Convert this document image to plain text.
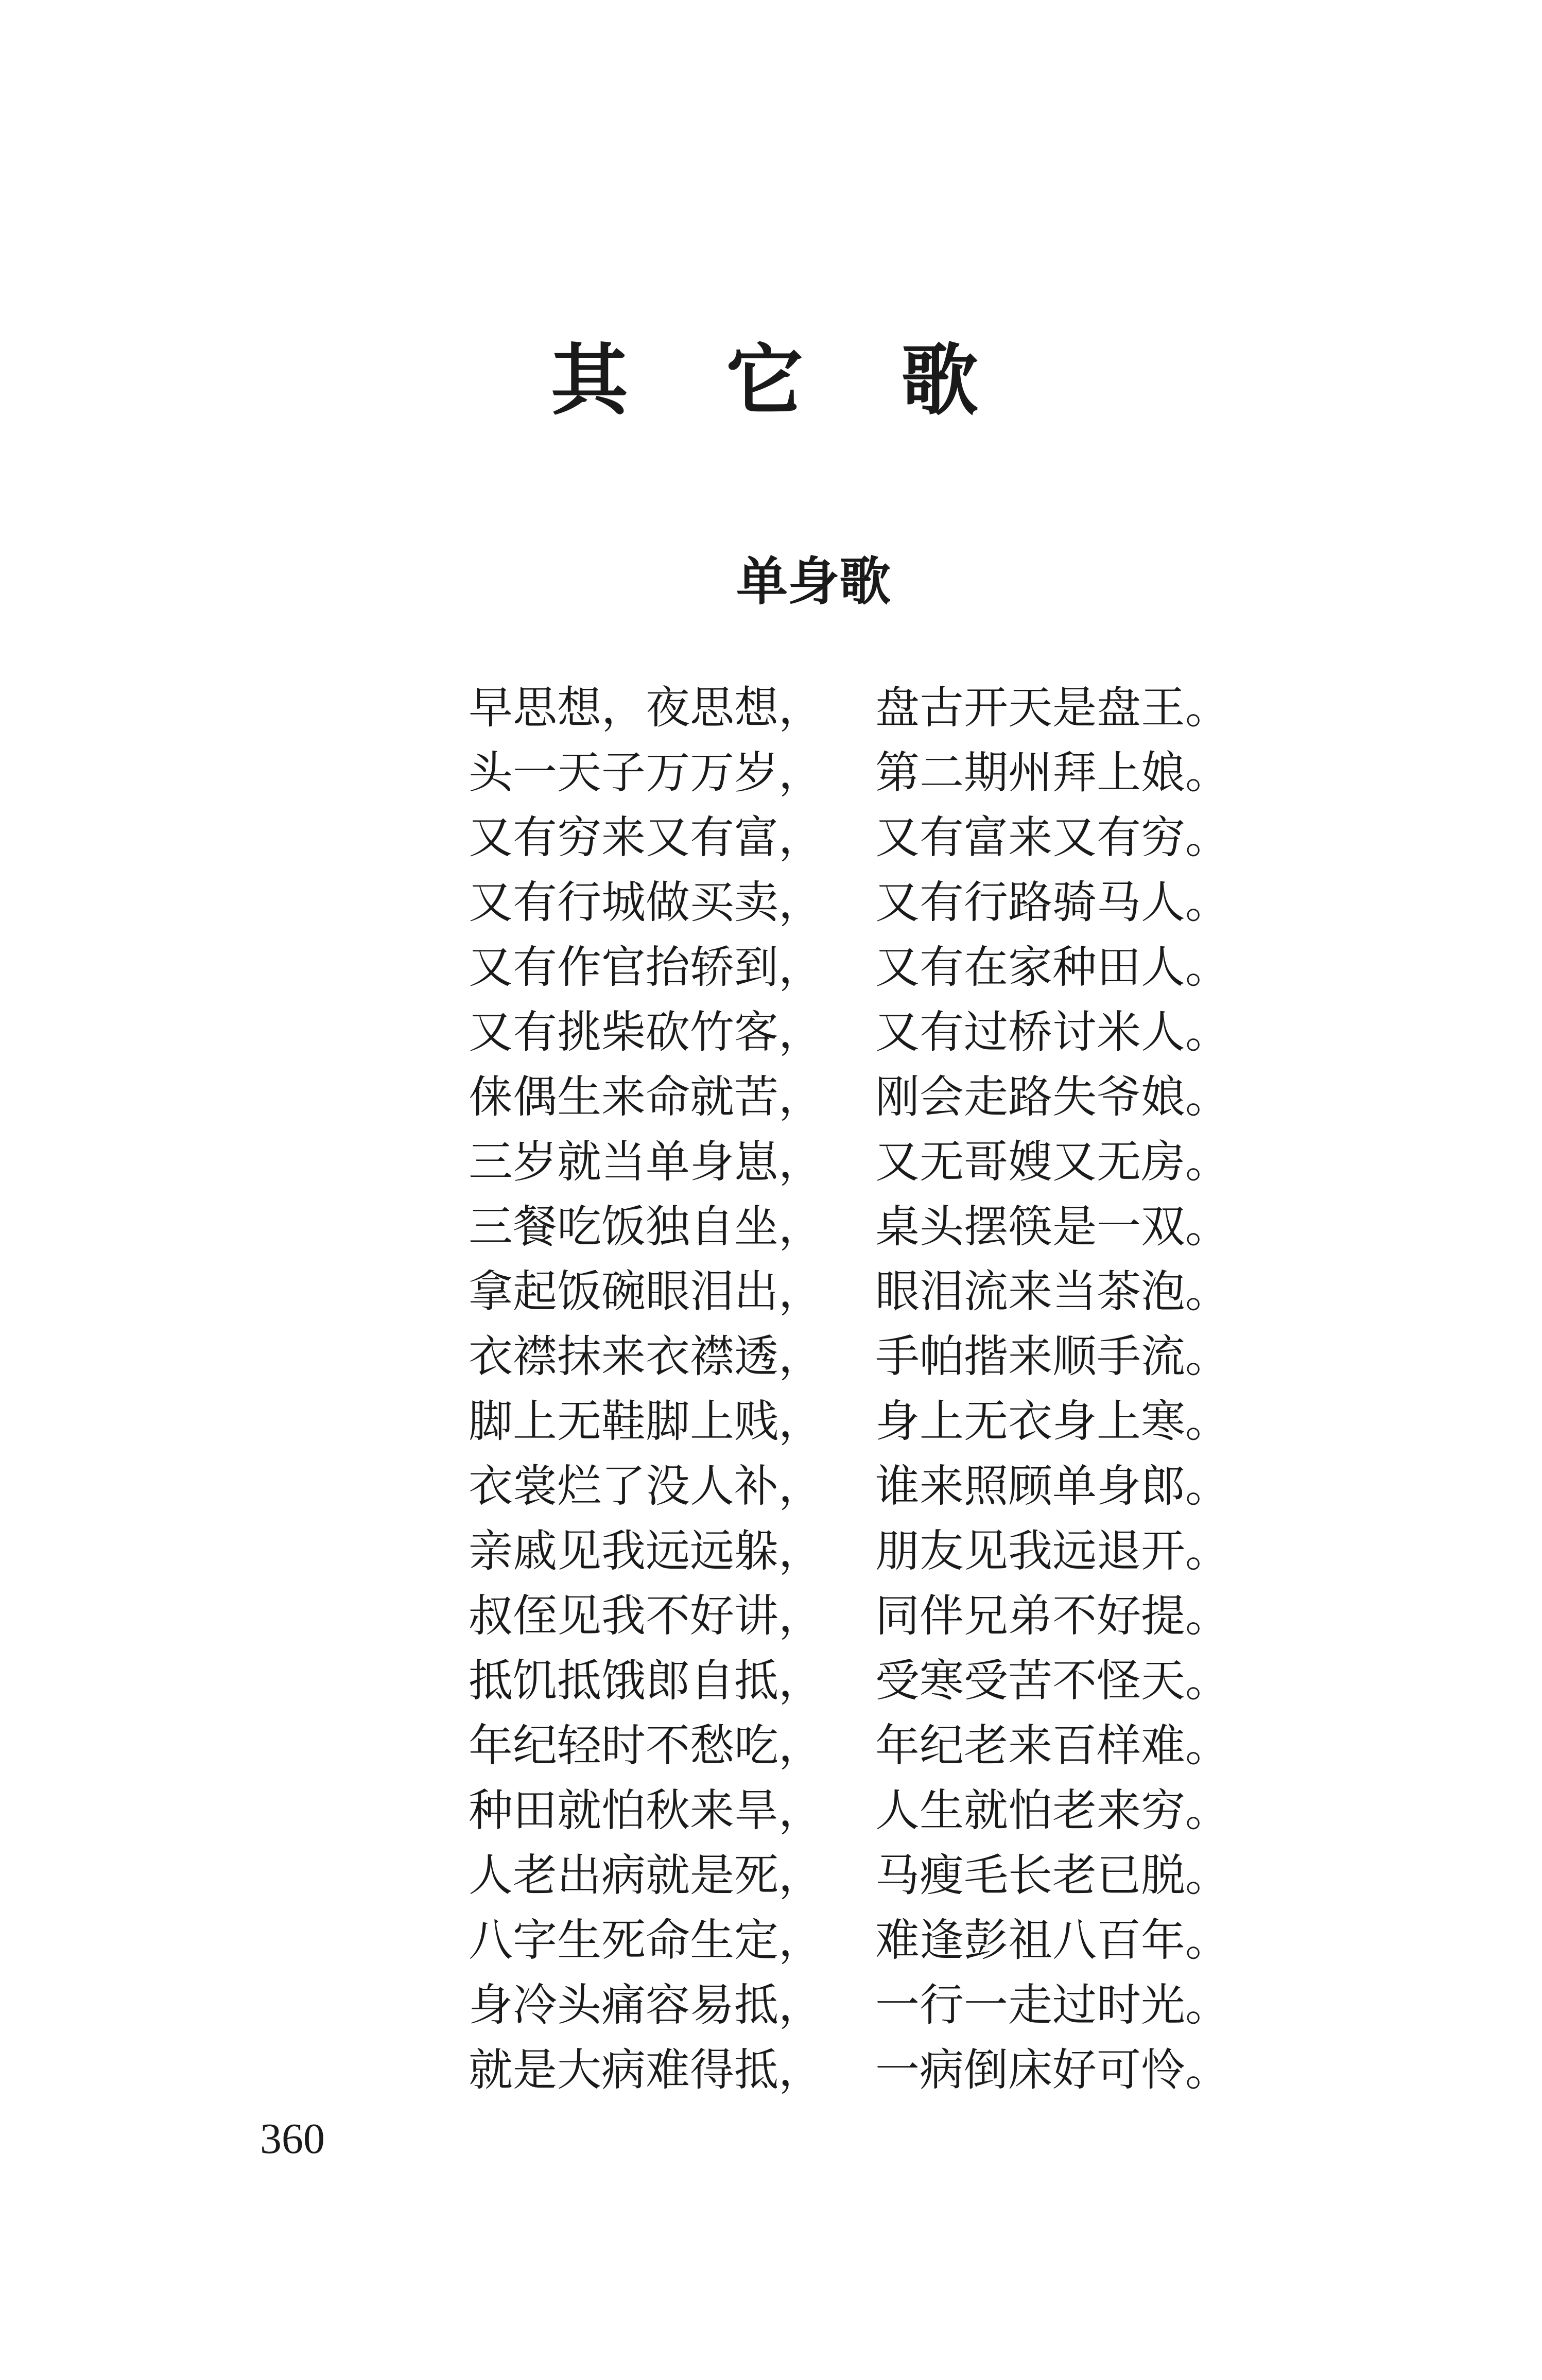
其它歌
单身歌
早思想，夜思想，	盘古开天是盘王。
头一天子万万岁，	第二期州拜上娘。
又有穷来又有富，	又有富来又有穷。
又有行城做买卖，	又有行路骑马人。
又有作官抬轿到，	又有在家种田人。
又有挑柴砍竹客，	又有过桥讨米人。
俫偶生来命就苦，	刚会走路失爷娘。
三岁就当单身崽，	又无哥嫂又无房。
三餐吃饭独自坐，	桌头摆筷是一双。
拿起饭碗眼泪出，	眼泪流来当茶泡。
衣襟抹来衣襟透，	手帕揩来顺手流。
脚上无鞋脚上贱，	身上无衣身上寒。
衣裳烂了没人补，	谁来照顾单身郎。
亲戚见我远远躲，	朋友见我远退开。
叔侄见我不好讲，	同伴兄弟不好提。
抵饥抵饿郎自抵，	受寒受苦不怪天。
年纪轻时不愁吃，	年纪老来百样难。
种田就怕秋来旱，	人生就怕老来穷。
人老出病就是死，	马瘦毛长老已脱。
八字生死命生定，	难逢彭祖八百年。
身冷头痛容易抵，	一行一走过时光。
就是大病难得抵，	一病倒床好可怜。

360
